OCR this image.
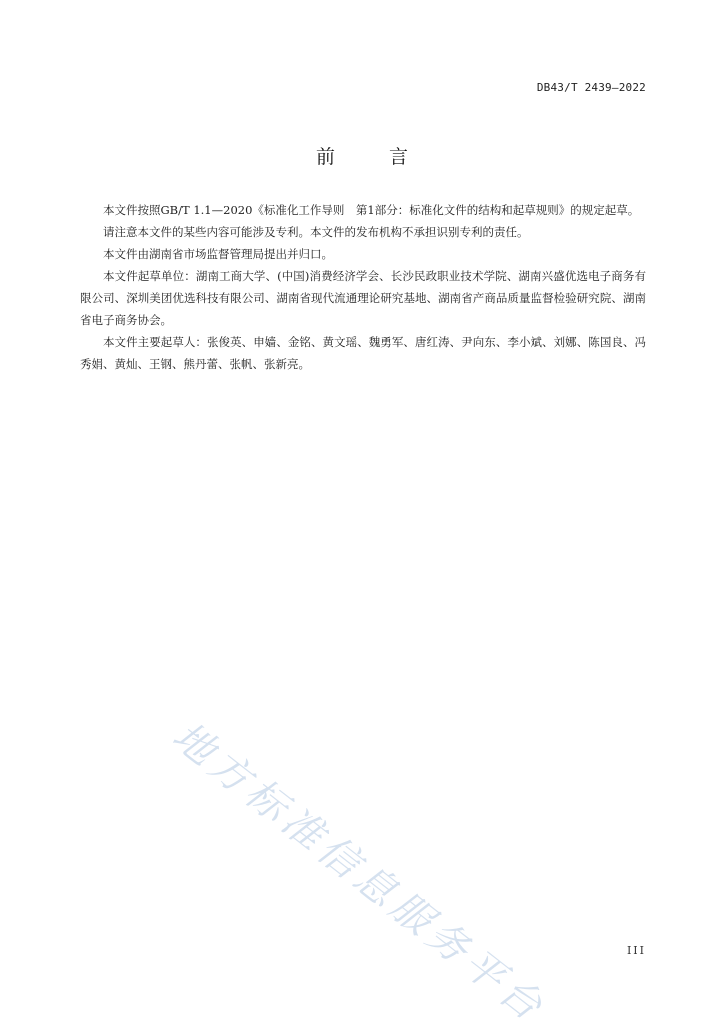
DB43/T 2439—2022
前 言

本文件按照GB/T 1.1—2020《标准化工作导则　第1部分：标准化文件的结构和起草规则》的规定起草。

请注意本文件的某些内容可能涉及专利。本文件的发布机构不承担识别专利的责任。

本文件由湖南省市场监督管理局提出并归口。

本文件起草单位：湖南工商大学、(中国)消费经济学会、长沙民政职业技术学院、湖南兴盛优选电子商务有限公司、深圳美团优选科技有限公司、湖南省现代流通理论研究基地、湖南省产商品质量监督检验研究院、湖南省电子商务协会。

本文件主要起草人：张俊英、申嫱、金铭、黄文瑶、魏勇军、唐红涛、尹向东、李小斌、刘娜、陈国良、冯秀娟、黄灿、王钢、熊丹蕾、张帆、张新亮。

地方标准信息服务平台	III
